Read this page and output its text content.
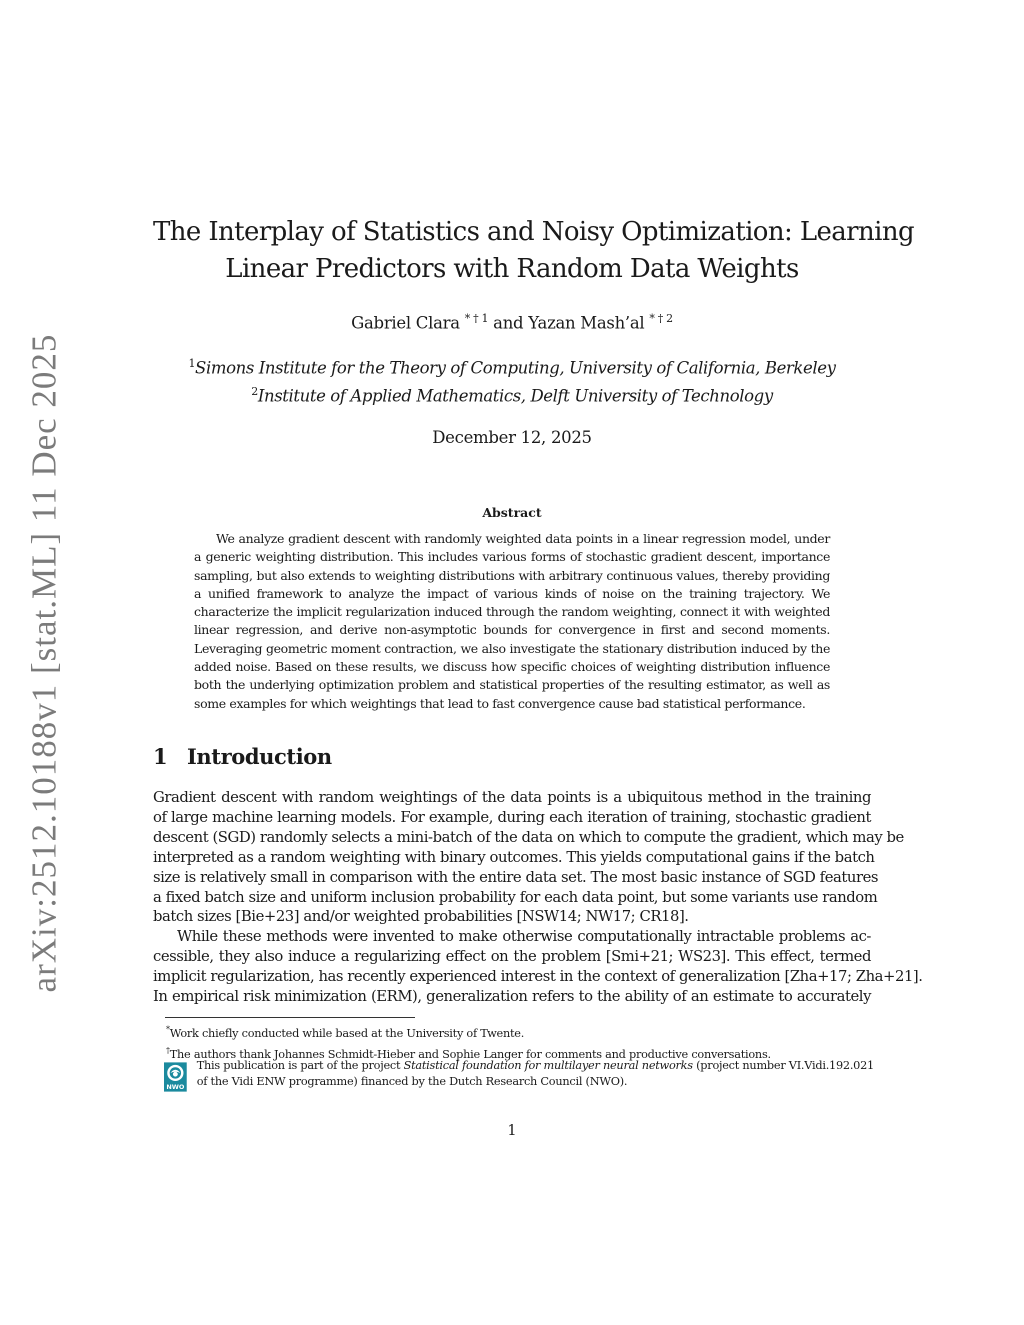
arXiv:2512.10188v1 [stat.ML] 11 Dec 2025
The Interplay of Statistics and Noisy Optimization: Learning
Linear Predictors with Random Data Weights
Gabriel Clara $^{* \dagger 1}$ and Yazan Mash’al $^{* \dagger 2}$
$^1$Simons Institute for the Theory of Computing, University of California, Berkeley
$^2$Institute of Applied Mathematics, Delft University of Technology
December 12, 2025
Abstract
We analyze gradient descent with randomly weighted data points in a linear regression model, under
a generic weighting distribution. This includes various forms of stochastic gradient descent, importance
sampling, but also extends to weighting distributions with arbitrary continuous values, thereby providing
a unified framework to analyze the impact of various kinds of noise on the training trajectory. We
characterize the implicit regularization induced through the random weighting, connect it with weighted
linear regression, and derive non-asymptotic bounds for convergence in first and second moments.
Leveraging geometric moment contraction, we also investigate the stationary distribution induced by the
added noise. Based on these results, we discuss how specific choices of weighting distribution influence
both the underlying optimization problem and statistical properties of the resulting estimator, as well as
some examples for which weightings that lead to fast convergence cause bad statistical performance.
1 Introduction
Gradient descent with random weightings of the data points is a ubiquitous method in the training
of large machine learning models. For example, during each iteration of training, stochastic gradient
descent (SGD) randomly selects a mini-batch of the data on which to compute the gradient, which may be
interpreted as a random weighting with binary outcomes. This yields computational gains if the batch
size is relatively small in comparison with the entire data set. The most basic instance of SGD features
a fixed batch size and uniform inclusion probability for each data point, but some variants use random
batch sizes [Bie+23] and/or weighted probabilities [NSW14; NW17; CR18].
While these methods were invented to make otherwise computationally intractable problems ac-
cessible, they also induce a regularizing effect on the problem [Smi+21; WS23]. This effect, termed
implicit regularization, has recently experienced interest in the context of generalization [Zha+17; Zha+21].
In empirical risk minimization (ERM), generalization refers to the ability of an estimate to accurately
*Work chiefly conducted while based at the University of Twente.
†The authors thank Johannes Schmidt-Hieber and Sophie Langer for comments and productive conversations.
NWO
This publication is part of the project Statistical foundation for multilayer neural networks (project number VI.Vidi.192.021
of the Vidi ENW programme) financed by the Dutch Research Council (NWO).
1
